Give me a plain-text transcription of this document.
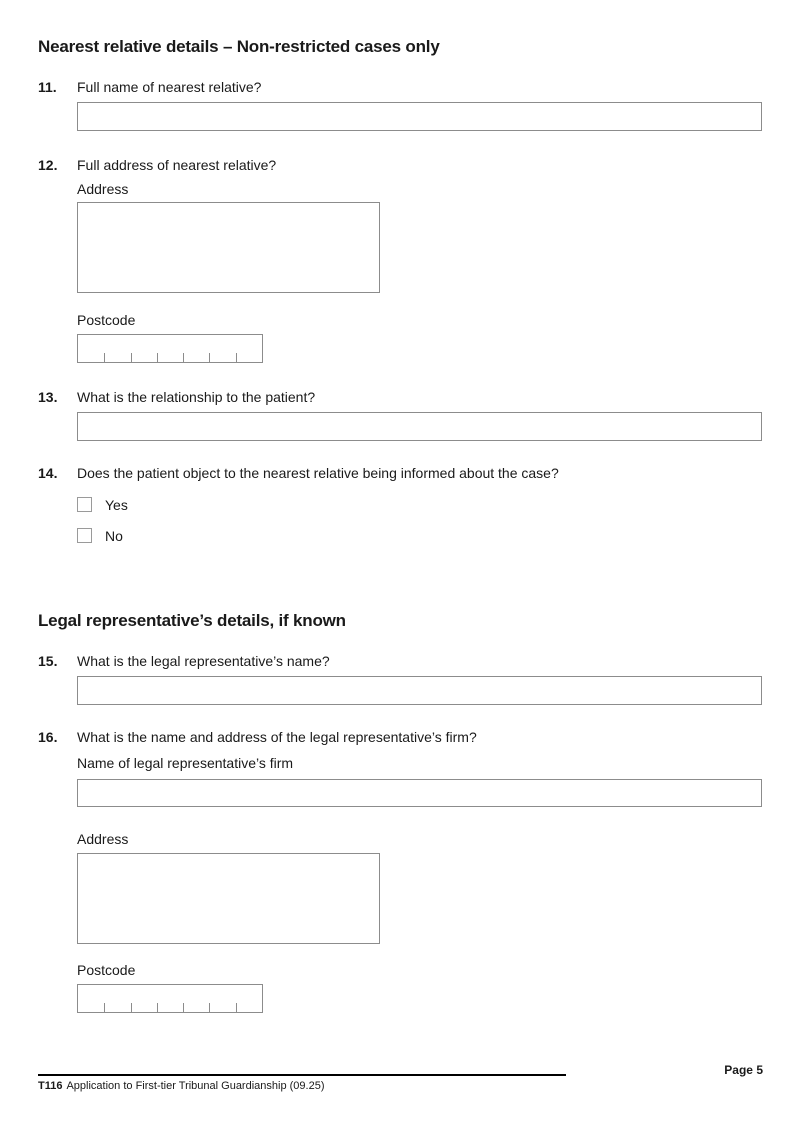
Nearest relative details – Non-restricted cases only
11.	Full name of nearest relative?
12.	Full address of nearest relative?
Address
Postcode
13.	What is the relationship to the patient?
14.	Does the patient object to the nearest relative being informed about the case?
Yes
No
Legal representative’s details, if known
15.	What is the legal representative’s name?
16.	What is the name and address of the legal representative’s firm?
Name of legal representative’s firm
Address
Postcode
Page 5
T116 Application to First-tier Tribunal Guardianship (09.25)
